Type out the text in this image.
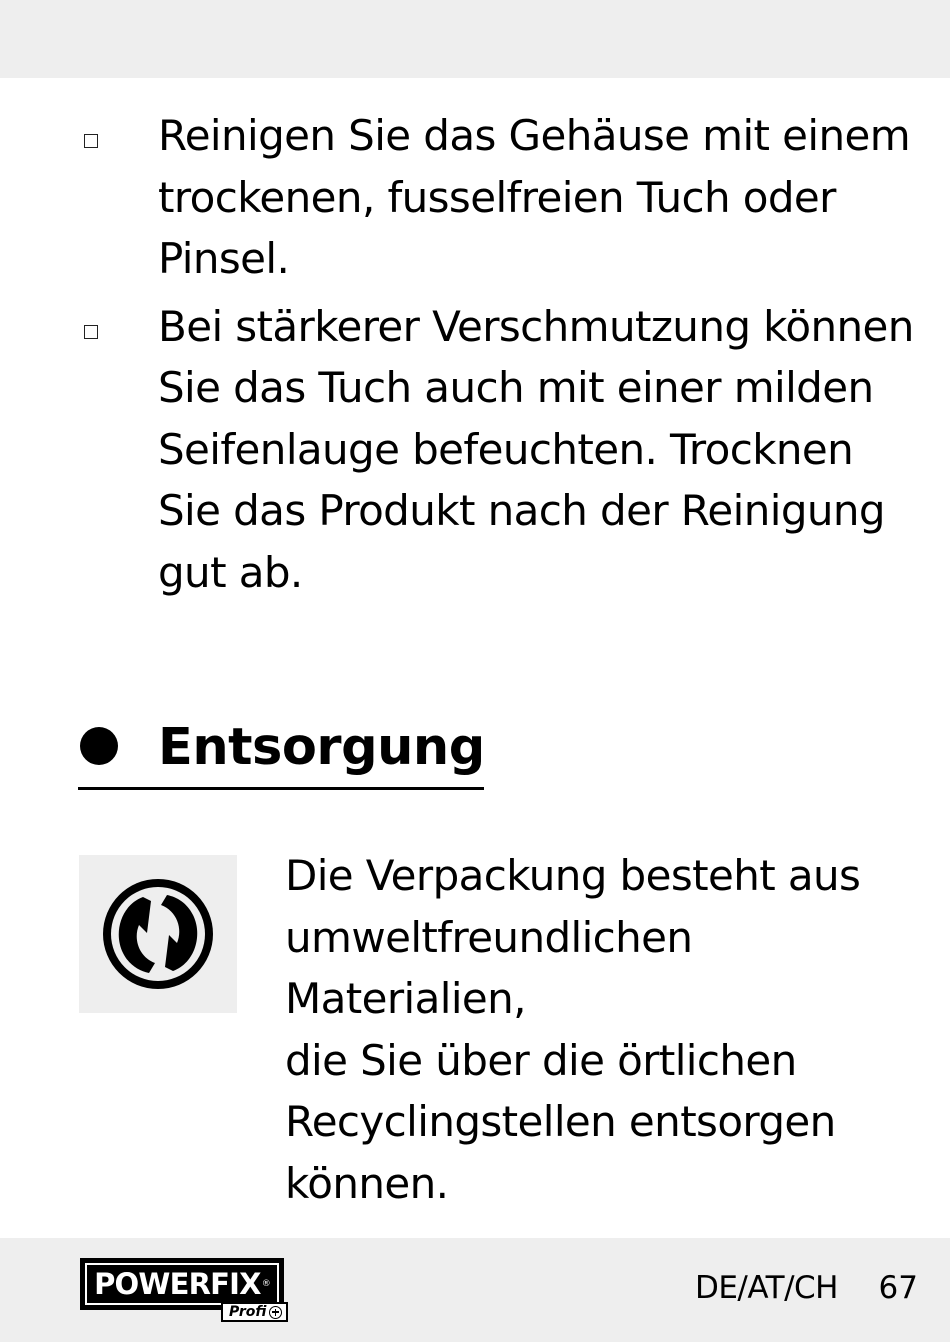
Reinigen Sie das Gehäuse mit einem
trockenen, fusselfreien Tuch oder
Pinsel.
Bei stärkerer Verschmutzung können
Sie das Tuch auch mit einer milden
Seifenlauge befeuchten. Trocknen
Sie das Produkt nach der Reinigung
gut ab.
Entsorgung
Die Verpackung besteht aus
umweltfreundlichen Materialien,
die Sie über die örtlichen
Recyclingstellen entsorgen
können.
POWERFIX ®
Profi
DE/AT/CH 67
